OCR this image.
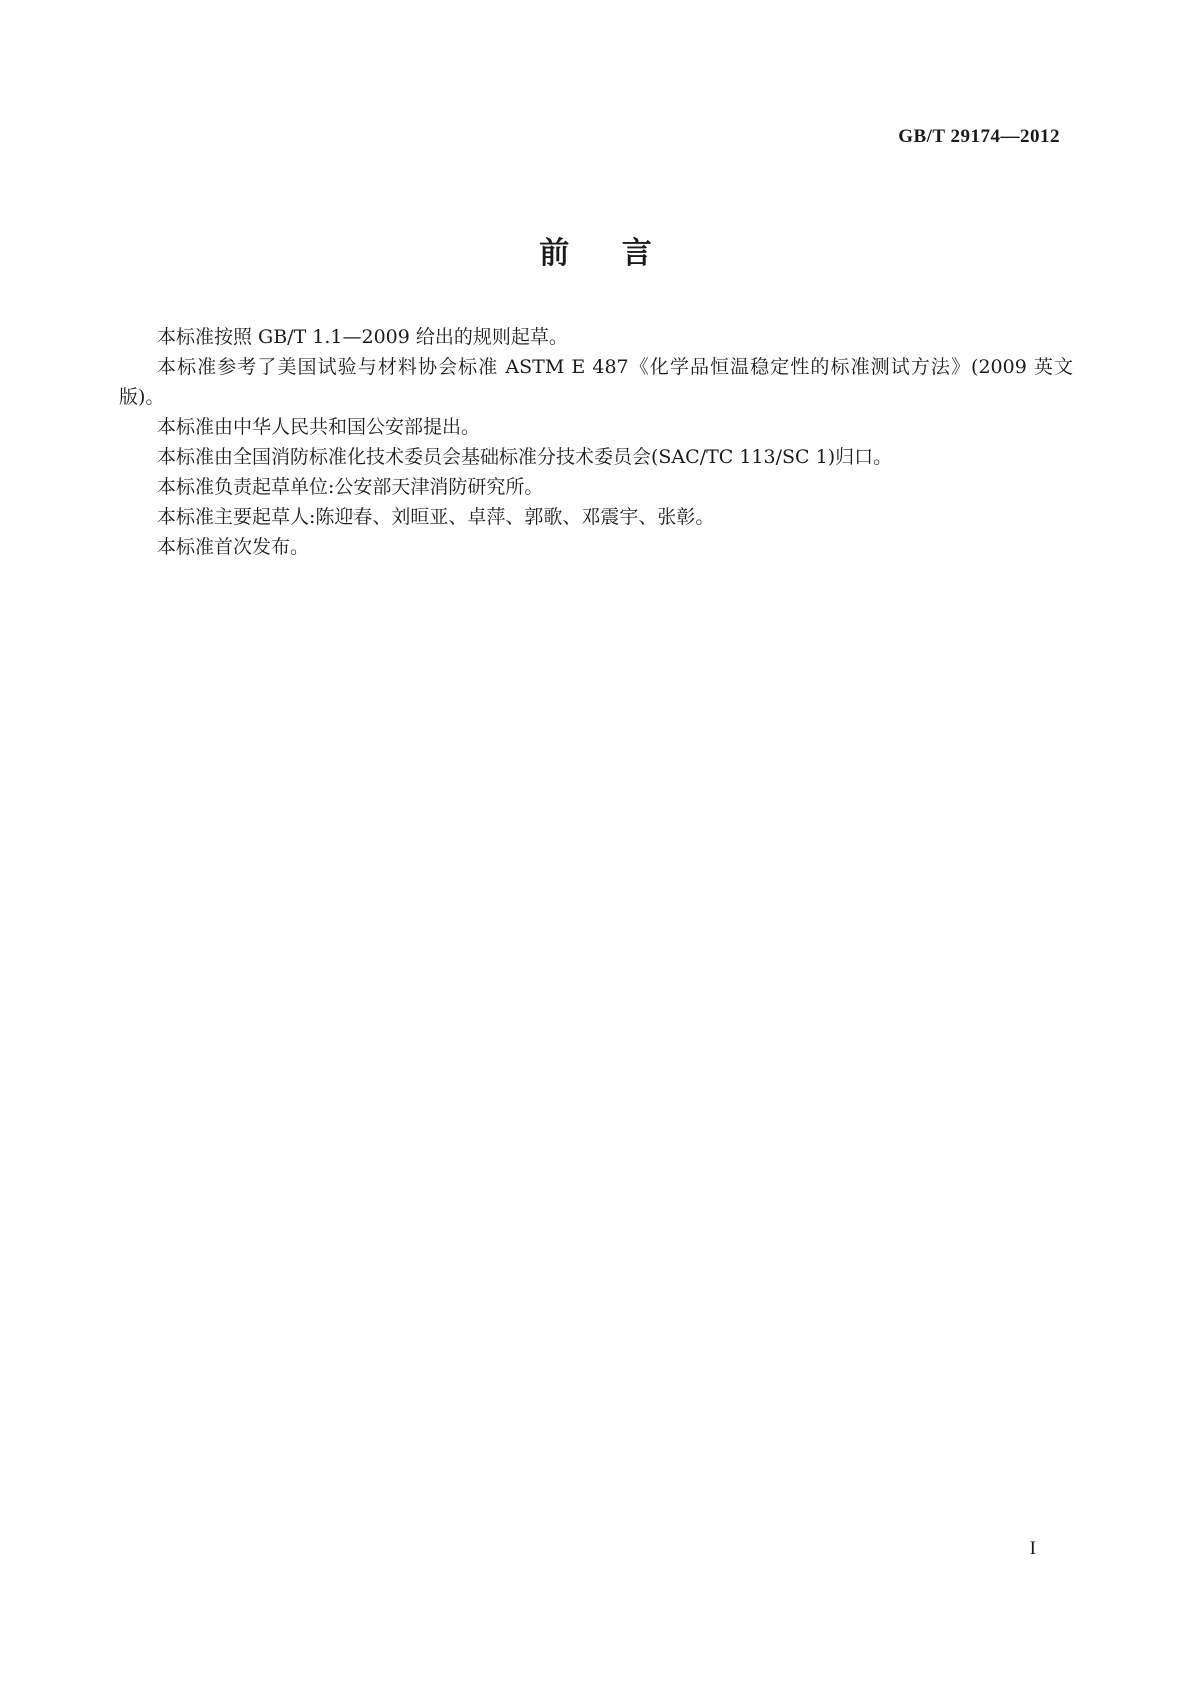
GB/T 29174—2012
前 言

本标准按照 GB/T 1.1—2009 给出的规则起草。

本标准参考了美国试验与材料协会标准 ASTM E 487《化学品恒温稳定性的标准测试方法》(2009 英文版)。

本标准由中华人民共和国公安部提出。

本标准由全国消防标准化技术委员会基础标准分技术委员会(SAC/TC 113/SC 1)归口。

本标准负责起草单位:公安部天津消防研究所。

本标准主要起草人:陈迎春、刘晅亚、卓萍、郭歌、邓震宇、张彰。

本标准首次发布。

I
